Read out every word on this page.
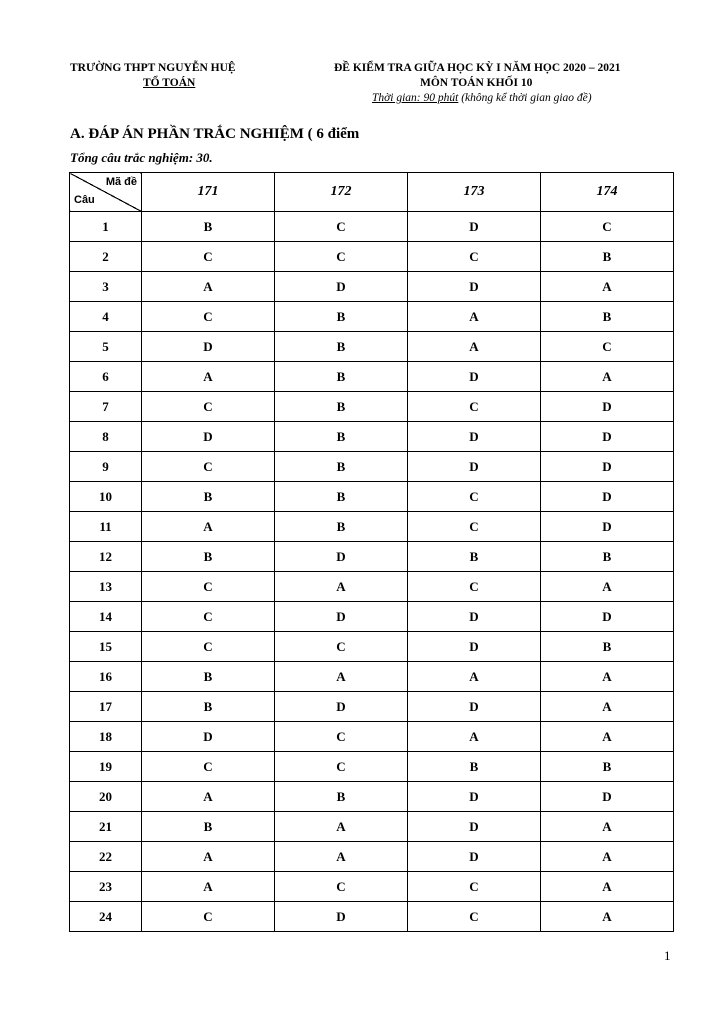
TRƯỜNG THPT NGUYỄN HUỆ
TỔ TOÁN
ĐỀ KIỂM TRA GIỮA HỌC KỲ I NĂM HỌC 2020 – 2021
MÔN TOÁN KHỐI 10
Thời gian: 90 phút (không kể thời gian giao đề)
A. ĐÁP ÁN PHẦN TRẮC NGHIỆM ( 6 điểm
Tổng câu trắc nghiệm: 30.
Mã đề
Câu	171	172	173	174
1	B	C	D	C
2	C	C	C	B
3	A	D	D	A
4	C	B	A	B
5	D	B	A	C
6	A	B	D	A
7	C	B	C	D
8	D	B	D	D
9	C	B	D	D
10	B	B	C	D
11	A	B	C	D
12	B	D	B	B
13	C	A	C	A
14	C	D	D	D
15	C	C	D	B
16	B	A	A	A
17	B	D	D	A
18	D	C	A	A
19	C	C	B	B
20	A	B	D	D
21	B	A	D	A
22	A	A	D	A
23	A	C	C	A
24	C	D	C	A
1
